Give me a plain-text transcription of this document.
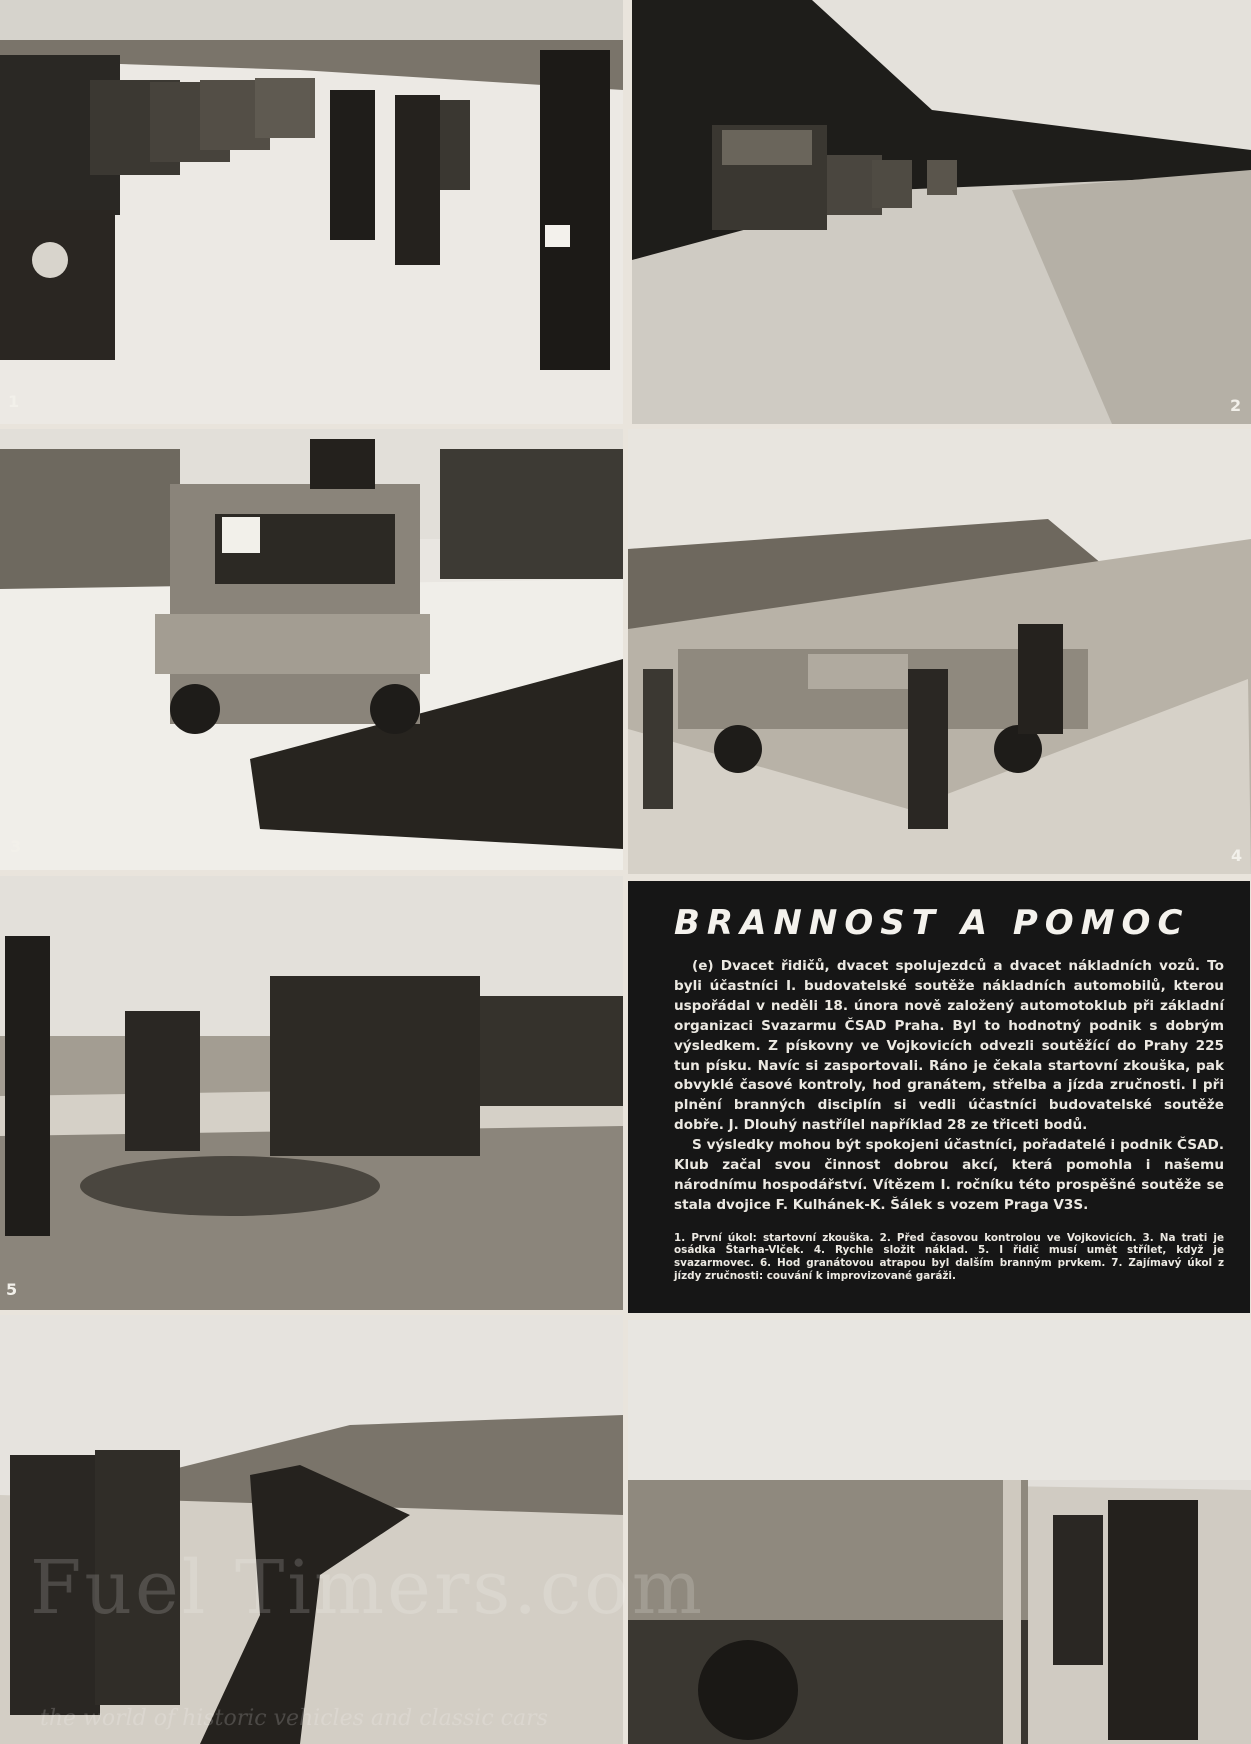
1	2
3	4
5
BRANNOST A POMOC

(e) Dvacet řidičů, dvacet spolujezdců a dvacet nákladních vozů. To byli účastníci I. budovatelské soutěže nákladních automobilů, kterou uspořádal v neděli 18. února nově založený automotoklub při základní organizaci Svazarmu ČSAD Praha. Byl to hodnotný podnik s dobrým výsledkem. Z pískovny ve Vojkovicích odvezli soutěžící do Prahy 225 tun písku. Navíc si zasportovali. Ráno je čekala startovní zkouška, pak obvyklé časové kontroly, hod granátem, střelba a jízda zručnosti. I při plnění branných disciplín si vedli účastníci budovatelské soutěže dobře. J. Dlouhý nastřílel například 28 ze třiceti bodů.

S výsledky mohou být spokojeni účastníci, pořadatelé i podnik ČSAD. Klub začal svou činnost dobrou akcí, která pomohla i našemu národnímu hospodářství. Vítězem I. ročníku této prospěšné soutěže se stala dvojice F. Kulhánek-K. Šálek s vozem Praga V3S.

1. První úkol: startovní zkouška. 2. Před časovou kontrolou ve Vojkovicích. 3. Na trati je osádka Štarha-Vlček. 4. Rychle složit náklad. 5. I řidič musí umět střílet, když je svazarmovec. 6. Hod granátovou atrapou byl dalším branným prvkem. 7. Zajímavý úkol z jízdy zručnosti: couvání k improvizované garáži.

Fuel Timers.com
the world of historic vehicles and classic cars
